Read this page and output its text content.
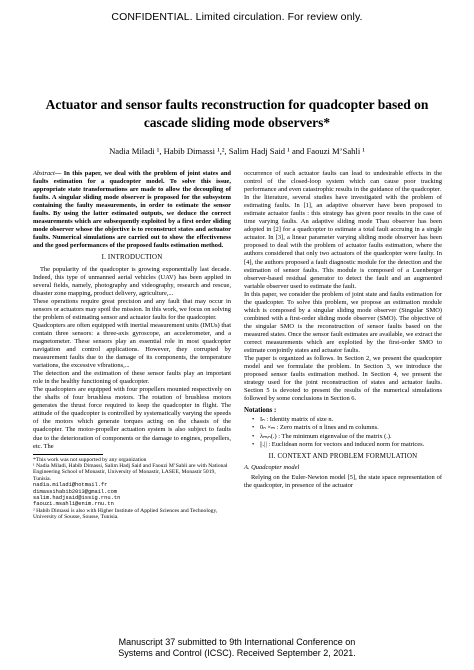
CONFIDENTIAL. Limited circulation. For review only.
Actuator and sensor faults reconstruction for quadcopter based on cascade sliding mode observers*
Nadia Miladi ¹, Habib Dimassi ¹,², Salim Hadj Said ¹ and Faouzi M’Sahli ¹

Abstract— In this paper, we deal with the problem of joint states and faults estimation for a quadcopter model. To solve this issue, appropriate state transformations are made to allow the decoupling of faults. A singular sliding mode observer is proposed for the subsystem containing the faulty measurements, in order to estimate the sensor faults. By using the latter estimated outputs, we deduce the correct measurements which are subsequently exploited by a first order sliding mode observer whose the objective is to reconstruct states and actuator faults. Numerical simulations are carried out to show the effectiveness and the good performances of the proposed faults estimation method.

I. INTRODUCTION

The popularity of the quadcopter is growing exponentially last decade. Indeed, this type of unmanned aerial vehicles (UAV) has been applied in several fields, namely, photography and videography, research and rescue, disaster zone mapping, product delivery, agriculture,...

These operations require great precision and any fault that may occur in sensors or actuators may spoil the mission. In this work, we focus on solving the problem of estimating sensor and actuator faults for the quadcopter.

Quadcopters are often equipped with inertial measurement units (IMUs) that contain three sensors: a three-axis gyroscope, an accelerometer, and a magnetometer. These sensors play an essential role in most quadcopter navigation and control applications. However, they corrupted by measurement faults due to the damage of its components, the temperature variations, the excessive vibrations,...

The detection and the estimation of these sensor faults play an important role in the healthy functioning of quadcopter.

The quadcopters are equipped with four propellers mounted respectively on the shafts of four brushless motors. The rotation of brushless motors generates the thrust force required to keep the quadcopter in flight. The attitude of the quadcopter is controlled by systematically varying the speeds of the motors which generate torques acting on the chassis of the quadcopter. The motor-propeller actuation system is also subject to faults due to the deterioration of components or the damage to engines, propellers, etc. The

*This work was not supported by any organization
¹ Nadia Miladi, Habib Dimassi, Salim Hadj Said and Faouzi M’Sahli are with National Engineering School of Monastir, University of Monastir, LASEE, Monastir 5019, Tunisia.
nadia.miladi@hotmail.fr
dimassihabib2013@gmail.com
salim.hadjsaid@issig.rnu.tn
faouzi.msahli@enim.rnu.tn
² Habib Dimassi is also with Higher Institute of Applied Sciences and Technology, University of Sousse, Sousse, Tunisia.

occurrence of such actuator faults can lead to undesirable effects in the control of the closed-loop system which can cause poor tracking performance and even catastrophic results in the guidance of the quadcopter.

In the literature, several studies have investigated with the problem of estimating faults. In [1], an adaptive observer have been proposed to estimate actuator faults : this strategy has given poor results in the case of time varying faults. An adaptive sliding mode Thau observer has been adopted in [2] for a quadcopter to estimate a total fault accruing in a single actuator. In [3], a linear parameter varying sliding mode observer has been proposed to deal with the problem of actuator faults estimation, where the authors considered that only two actuators of the quadcopter were faulty. In [4], the authors proposed a fault diagnostic module for the detection and the estimation of sensor faults. This module is composed of a Luenberger observer-based residual generator to detect the fault and an augmented variable observer used to estimate the fault.

In this paper, we consider the problem of joint state and faults estimation for the quadcopter. To solve this problem, we propose an estimation module which is composed by a singular sliding mode observer (Singular SMO) combined with a first-order sliding mode observer (SMO). The objective of the singular SMO is the reconstruction of sensor faults based on the measured states. Once the sensor fault estimates are available, we extract the correct measurements which are exploited by the first-order SMO to estimate conjointly states and actuator faults.

The paper is organized as follows. In Section 2, we present the quadcopter model and we formulate the problem. In Section 3, we introduce the proposed sensor faults estimation method. In Section 4, we present the strategy used for the joint reconstruction of states and actuator faults. Section 5 is devoted to present the results of the numerical simulations followed by some conclusions in Section 6.

Notations :
• Iₙ : Identity matrix of size n.
• 0ₙ ×ₘ : Zero matrix of n lines and m columns.
• λₘᵢₙ(.) : The minimum eigenvalue of the matrix (.).
• ||.|| : Euclidean norm for vectors and induced norm for matrices.
II. CONTEXT AND PROBLEM FORMULATION
A. Quadcopter model

Relying on the Euler-Newton model [5], the state space representation of the quadcopter, in presence of the actuator

Manuscript 37 submitted to 9th International Conference on
Systems and Control (ICSC). Received September 2, 2021.
